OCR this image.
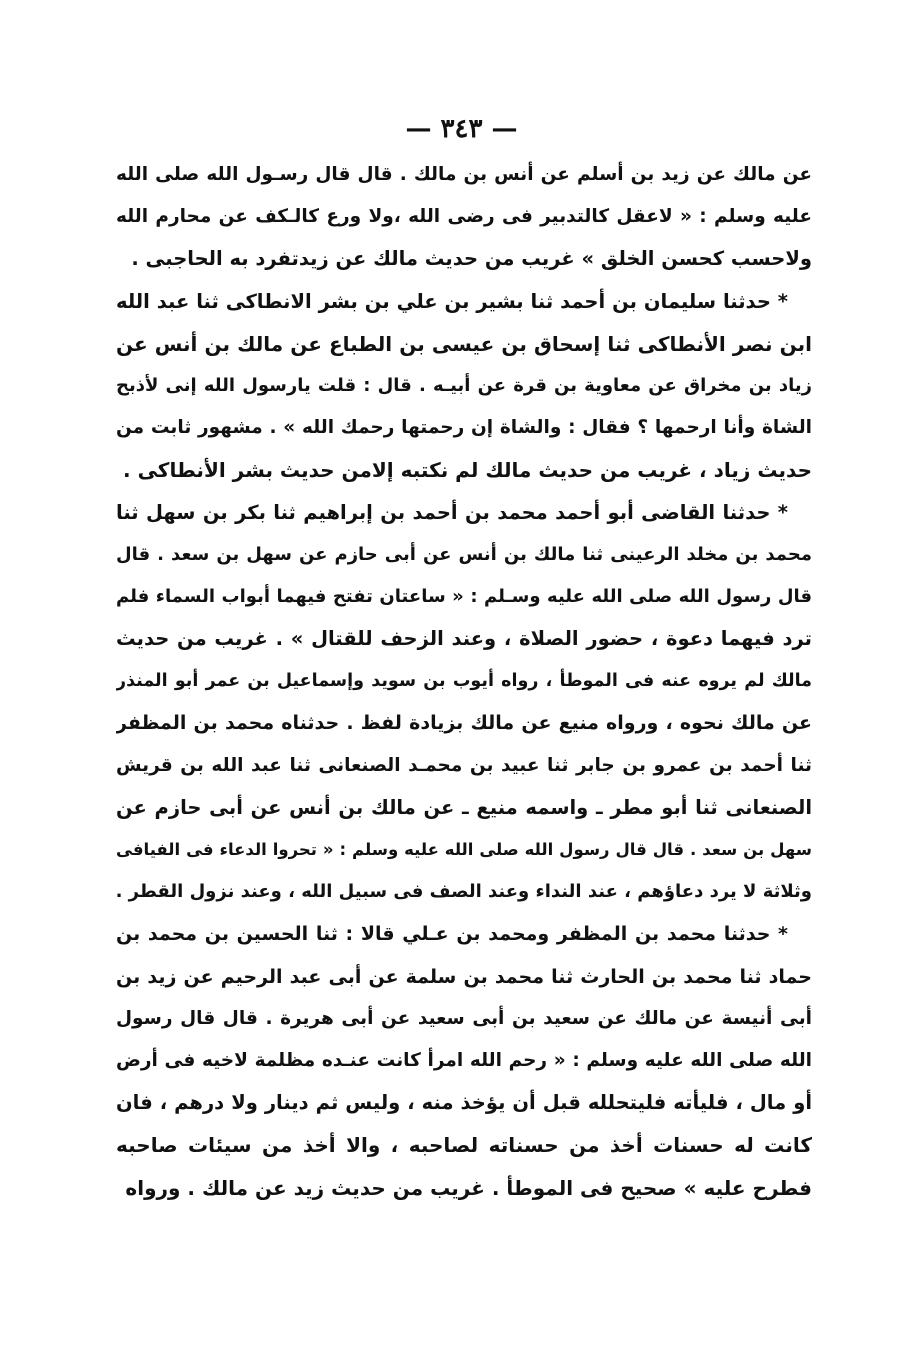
— ٣٤٣ —
عن مالك عن زيد بن أسلم عن أنس بن مالك . قال قال رسـول الله صلى الله
عليه وسلم : « لاعقل كالتدبير فى رضى الله ،ولا ورع كالـكف عن محارم الله
ولاحسب كحسن الخلق » غريب من حديث مالك عن زيدتفرد به الحاجبى .
* حدثنا سليمان بن أحمد ثنا بشير بن علي بن بشر الانطاكى ثنا عبد الله
ابن نصر الأنطاكى ثنا إسحاق بن عيسى بن الطباع عن مالك بن أنس عن
زياد بن مخراق عن معاوية بن قرة عن أبيـه . قال : قلت يارسول الله إنى لأذبح
الشاة وأنا ارحمها ؟ فقال : والشاة إن رحمتها رحمك الله » . مشهور ثابت من
حديث زياد ، غريب من حديث مالك لم نكتبه إلامن حديث بشر الأنطاكى .
* حدثنا القاضى أبو أحمد محمد بن أحمد بن إبراهيم ثنا بكر بن سهل ثنا
محمد بن مخلد الرعينى ثنا مالك بن أنس عن أبى حازم عن سهل بن سعد . قال
قال رسول الله صلى الله عليه وسـلم : « ساعتان تفتح فيهما أبواب السماء فلم
ترد فيهما دعوة ، حضور الصلاة ، وعند الزحف للقتال » . غريب من حديث
مالك لم يروه عنه فى الموطأ ، رواه أيوب بن سويد وإسماعيل بن عمر أبو المنذر
عن مالك نحوه ، ورواه منيع عن مالك بزيادة لفظ . حدثناه محمد بن المظفر
ثنا أحمد بن عمرو بن جابر ثنا عبيد بن محمـد الصنعانى ثنا عبد الله بن قريش
الصنعانى ثنا أبو مطر ـ واسمه منيع ـ عن مالك بن أنس عن أبى حازم عن
سهل بن سعد . قال قال رسول الله صلى الله عليه وسلم : « تحروا الدعاء فى الفيافى
وثلاثة لا يرد دعاؤهم ، عند النداء وعند الصف فى سبيل الله ، وعند نزول القطر .
* حدثنا محمد بن المظفر ومحمد بن عـلي قالا : ثنا الحسين بن محمد بن
حماد ثنا محمد بن الحارث ثنا محمد بن سلمة عن أبى عبد الرحيم عن زيد بن
أبى أنيسة عن مالك عن سعيد بن أبى سعيد عن أبى هريرة . قال قال رسول
الله صلى الله عليه وسلم : « رحم الله امرأ كانت عنـده مظلمة لاخيه فى أرض
أو مال ، فليأته فليتحلله قبل أن يؤخذ منه ، وليس ثم دينار ولا درهم ، فان
كانت له حسنات أخذ من حسناته لصاحبه ، والا أخذ من سيئات صاحبه
فطرح عليه » صحيح فى الموطأ . غريب من حديث زيد عن مالك . ورواه
